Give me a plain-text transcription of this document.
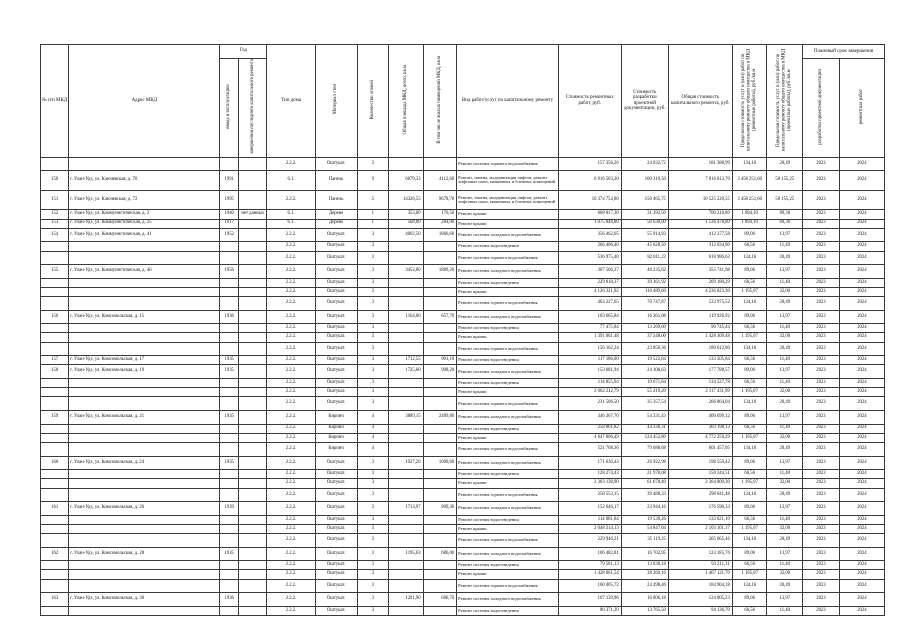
№ п/п МКД	Адрес МКД	Год		Тип дома	Материал стен	Количество этажей	Общая площадь МКД, всего, кв.м	В том числе жилых помещений МКД, кв.м	Вид работ/услуг по капитальному ремонту	Стоимость ремонтных работ, руб.	Стоимость разработки проектной документации, руб.	Общая стоимость капитального ремонта, руб.	Предельная стоимость услуг и (или) работ по капитальному ремонту общего имущества в МКД (ремонтные работы), руб./кв.м	Предельная стоимость услуг и (или) работ по капитальному ремонту общего имущества в МКД (проектные работы), руб./кв.м	Плановый срок завершения	
		ввода в эксплуатацию	завершения последнего капитального ремонта												разработки проектной документации	ремонтных работ
				2.2.2.	Оштукат.	3			Ремонт системы горячего водоснабжения	157 356,26	24 032,72	181 388,99	134,16	20,49	2023	2024
150	г. Улан-Удэ, ул. Ключевская, д. 70	1991		6.1.	Панель	9	6079,33	4112,60	Ремонт, замена, модернизация лифтов, ремонт лифтовых шахт, машинных и блочных помещений	6 916 503,20	100 310,50	7 016 813,70	3 458 251,60	50 155,25	2023	2024
151	г. Улан-Удэ, ул. Ключевская, д. 72	1995		2.2.2.	Панель	5	14326,55	9678,70	Ремонт, замена, модернизация лифтов, ремонт лифтовых шахт, машинных и блочных помещений	10 374 754,80	150 465,75	10 525 220,55	3 458 251,60	50 155,25	2023	2024
152	г. Улан-Удэ, ул. Коммунистическая, д. 2	1940	нет данных	6.1.	Дерево	1	353,00	176,50	Ремонт крыши	668 817,30	31 392,50	700 210,80	1 894,10	89,30	2023	2024
153	г. Улан-Удэ, ул. Коммунистическая, д. 25	1917		6.1.	Дерево	1	568,00	284,00	Ремонт крыши	1 075 848,80	50 630,00	1 126 478,80	1 894,10	89,30	2023	2024
154	г. Улан-Удэ, ул. Коммунистическая, д. 41	1952		2.2.2.	Оштукат.	3	4002,50	1866,60	Ремонт системы холодного водоснабжения	356 462,65	55 914,93	412 377,58	89,06	13,97	2023	2024
				2.2.2.	Оштукат.	3			Ремонт системы водоотведения	266 406,40	45 628,50	312 034,90	66,56	11,40	2023	2024
				2.2.2.	Оштукат.	3			Ремонт системы горячего водоснабжения	536 975,40	82 011,23	618 986,63	134,16	20,49	2023	2024
155	г. Улан-Удэ, ул. Коммунистическая, д. 46	1956		2.2.2.	Оштукат.	3	3452,80	1889,20	Ремонт системы холодного водоснабжения	307 506,37	48 235,62	355 741,98	89,06	13,97	2023	2024
				2.2.2.	Оштукат.	3			Ремонт системы водоотведения	229 818,37	39 361,92	269 180,29	66,56	11,40	2023	2024
				2.2.2.	Оштукат.	3			Ремонт крыши	4 126 321,92	110 489,60	4 236 823,30	1 195,07	32,00	2023	2024
				2.2.2.	Оштукат.	3			Ремонт системы горячего водоснабжения	463 227,65	70 747,87	533 975,52	134,16	20,49	2023	2024
156	г. Улан-Удэ, ул. Комсомольская, д. 15	1936		2.2.2.	Оштукат.	3	1164,00	657,70	Ремонт системы холодного водоснабжения	103 665,84	16 261,08	119 926,92	89,06	13,97	2023	2024
				2.2.2.	Оштукат.	3			Ремонт системы водоотведения	77 475,84	13 269,60	90 745,44	66,56	11,40	2023	2024
				2.2.2.	Оштукат.	3			Ремонт крыши	1 391 061,48	37 248,00	1 428 309,48	1 195,07	32,00	2023	2024
				2.2.2.	Оштукат.	3			Ремонт системы горячего водоснабжения	156 162,24	23 850,36	180 012,60	134,16	20,49	2023	2024
157	г. Улан-Удэ, ул. Комсомольская, д. 17	1935		2.2.2.	Оштукат.	3	1712,55	901,10	Ремонт системы водоотведения	117 186,00	19 522,84	133 505,84	66,56	11,40	2023	2024
158	г. Улан-Удэ, ул. Комсомольская, д. 19	1935		2.2.2.	Оштукат.	3	1725,60	908,20	Ремонт системы холодного водоснабжения	153 681,94	24 106,63	177 788,57	89,06	13,97	2023	2024
				2.2.2.	Оштукат.	3			Ремонт системы водоотведения	114 855,94	19 671,84	134 527,78	66,56	11,40	2023	2024
				2.2.2.	Оштукат.	3			Ремонт крыши	2 062 212,79	55 219,20	2 117 431,99	1 195,07	32,00	2023	2024
				2.2.2.	Оштукат.	3			Ремонт системы горячего водоснабжения	231 506,50	35 357,54	266 864,04	134,16	20,49	2023	2024
159	г. Улан-Удэ, ул. Комсомольская, д. 21	1935		2.2.2.	Кирпич	4	3889,15	2489,80	Ремонт системы холодного водоснабжения	346 367,70	54 331,43	400 699,12	89,06	13,97	2023	2024
				2.2.2.	Кирпич	4			Ремонт системы водоотведения	258 861,82	44 336,31	303 198,13	66,56	11,40	2023	2024
				2.2.2.	Кирпич	4			Ремонт крыши	4 647 806,49	124 452,80	4 772 259,29	1 195,07	32,00	2023	2024
				2.2.2.	Кирпич	4			Ремонт системы горячего водоснабжения	521 768,36	79 688,68	601 457,05	134,16	20,49	2023	2024
160	г. Улан-Удэ, ул. Комсомольская, д. 24	1935		2.2.2.	Оштукат.	3	1927,20	1000,60	Ремонт системы холодного водоснабжения	171 636,43	26 922,98	198 559,42	89,06	13,97	2023	2024
				2.2.2.	Оштукат.	3			Ремонт системы водоотведения	128 274,43	21 970,08	150 244,51	66,56	11,40	2023	2024
				2.2.2.	Оштукат.	3			Ремонт крыши	2 303 138,90	61 670,40	2 364 809,30	1 195,07	32,00	2023	2024
				2.2.2.	Оштукат.	3			Ремонт системы горячего водоснабжения	258 553,15	39 488,33	298 041,48	134,16	20,49	2023	2024
161	г. Улан-Удэ, ул. Комсомольская, д. 26	1939		2.2.2.	Оштукат.	3	1713,97	909,30	Ремонт системы холодного водоснабжения	152 646,17	23 944,16	176 590,33	89,06	13,97	2023	2024
				2.2.2.	Оштукат.	3			Ремонт системы водоотведения	114 081,84	19 539,26	133 621,10	66,56	11,40	2023	2024
				2.2.2.	Оштукат.	3			Ремонт крыши	2 048 314,13	54 847,04	2 103 161,17	1 195,07	32,00	2023	2024
				2.2.2.	Оштукат.	3			Ремонт системы горячего водоснабжения	229 946,21	35 119,25	265 065,46	134,16	20,49	2023	2024
162	г. Улан-Удэ, ул. Комсомольская, д. 28	1935		2.2.2.	Оштукат.	3	1195,63	686,00	Ремонт системы холодного водоснабжения	106 482,81	16 702,95	123 185,76	89,06	13,97	2023	2024
				2.2.2.	Оштукат.	3			Ремонт системы водоотведения	79 581,13	13 630,18	93 211,31	66,56	11,40	2023	2024
				2.2.2.	Оштукат.	3			Ремонт крыши	1 428 861,54	38 260,16	1 467 121,70	1 195,07	32,00	2023	2024
				2.2.2.	Оштукат.	3			Ремонт системы горячего водоснабжения	160 405,72	24 498,46	184 904,18	134,16	20,49	2023	2024
163	г. Улан-Удэ, ул. Комсомольская, д. 30	1936		2.2.2.	Оштукат.	3	1201,90	680,70	Ремонт системы холодного водоснабжения	107 139,96	16 806,18	124 005,23	89,06	13,97	2023	2024
				2.2.2.	Оштукат.	3			Ремонт системы водоотведения	80 371,20	13 765,50	94 136,70	66,56	11,40	2023	2024
